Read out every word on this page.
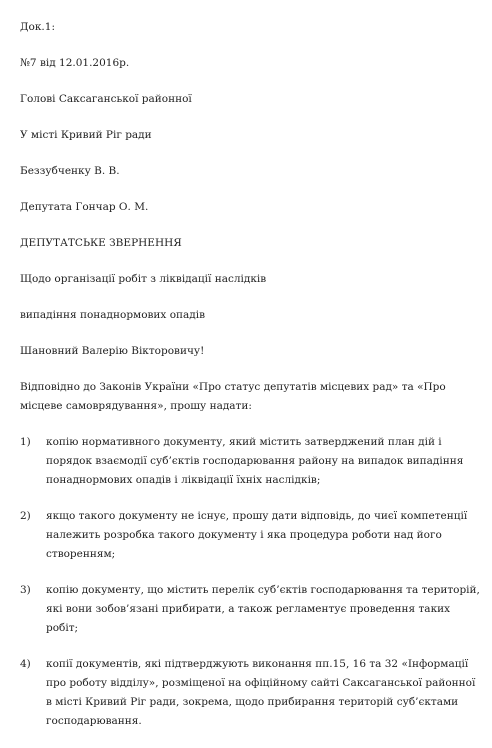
Док.1:

№7 від 12.01.2016р.

Голові Саксаганської районної

У місті Кривий Ріг ради

Беззубченку В. В.

Депутата Гончар О. М.

ДЕПУТАТСЬКЕ ЗВЕРНЕННЯ

Щодо організації робіт з ліквідації наслідків

випадіння понаднормових опадів

Шановний Валерію Вікторовичу!

Відповідно до Законів України «Про статус депутатів місцевих рад» та «Про місцеве самоврядування», прошу надати:

1)	копію нормативного документу, який містить затверджений план дій і порядок взаємодії суб’єктів господарювання району на випадок випадіння понаднормових опадів і ліквідації їхніх наслідків;
2)	якщо такого документу не існує, прошу дати відповідь, до чиєї компетенції належить розробка такого документу і яка процедура роботи над його створенням;
3)	копію документу, що містить перелік суб’єктів господарювання та територій, які вони зобов’язані прибирати, а також регламентує проведення таких робіт;
4)	копії документів, які підтверджують виконання пп.15, 16 та 32 «Інформації про роботу відділу», розміщеної на офіційному сайті Саксаганської районної в місті Кривий Ріг ради, зокрема, щодо прибирання територій суб’єктами господарювання.
